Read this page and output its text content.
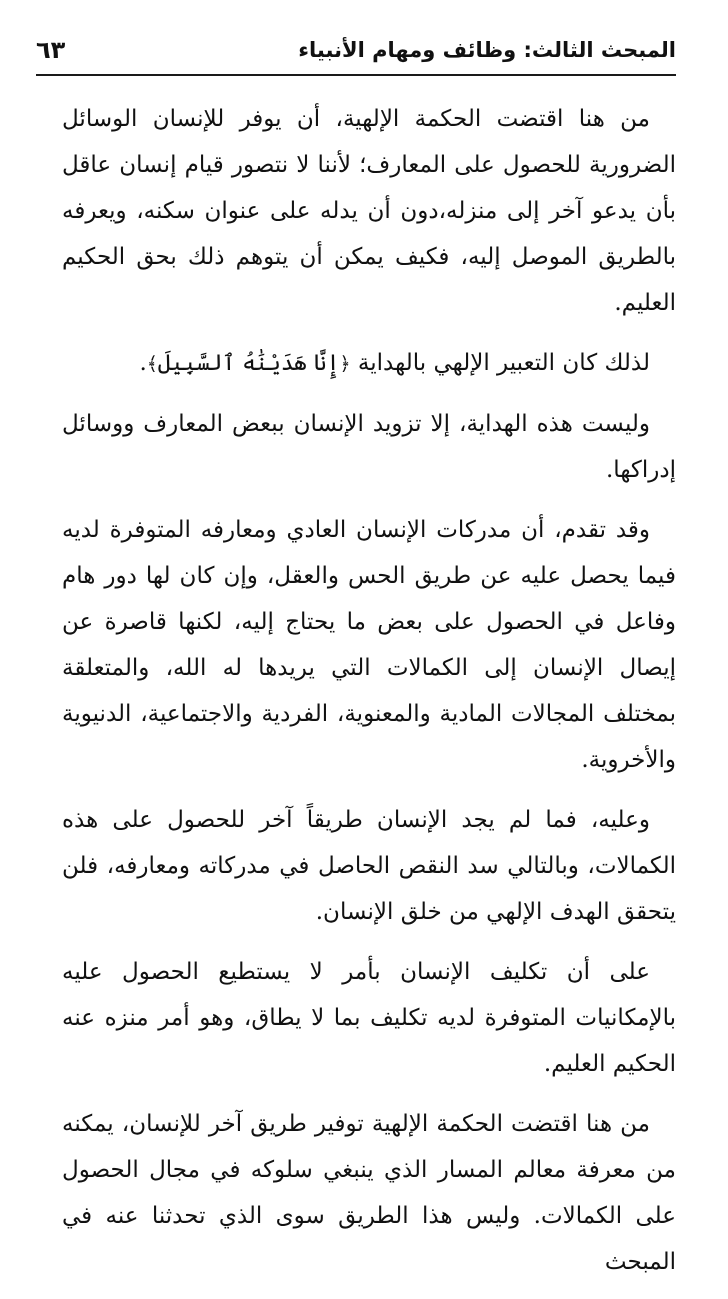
المبحث الثالث: وظائف ومهام الأنبياء
٦٣

من هنا اقتضت الحكمة الإلهية، أن يوفر للإنسان الوسائل الضرورية للحصول على المعارف؛ لأننا لا نتصور قيام إنسان عاقل بأن يدعو آخر إلى منزله،دون أن يدله على عنوان سكنه، ويعرفه بالطريق الموصل إليه، فكيف يمكن أن يتوهم ذلك بحق الحكيم العليم.

لذلك كان التعبير الإلهي بالهداية ﴿إِنَّا هَدَيْنَٰهُ ٱلسَّبِيلَ﴾.

وليست هذه الهداية، إلا تزويد الإنسان ببعض المعارف ووسائل إدراكها.

وقد تقدم، أن مدركات الإنسان العادي ومعارفه المتوفرة لديه فيما يحصل عليه عن طريق الحس والعقل، وإن كان لها دور هام وفاعل في الحصول على بعض ما يحتاج إليه، لكنها قاصرة عن إيصال الإنسان إلى الكمالات التي يريدها له الله، والمتعلقة بمختلف المجالات المادية والمعنوية، الفردية والاجتماعية، الدنيوية والأخروية.

وعليه، فما لم يجد الإنسان طريقاً آخر للحصول على هذه الكمالات، وبالتالي سد النقص الحاصل في مدركاته ومعارفه، فلن يتحقق الهدف الإلهي من خلق الإنسان.

على أن تكليف الإنسان بأمر لا يستطيع الحصول عليه بالإمكانيات المتوفرة لديه تكليف بما لا يطاق، وهو أمر منزه عنه الحكيم العليم.

من هنا اقتضت الحكمة الإلهية توفير طريق آخر للإنسان، يمكنه من معرفة معالم المسار الذي ينبغي سلوكه في مجال الحصول على الكمالات. وليس هذا الطريق سوى الذي تحدثنا عنه في المبحث
